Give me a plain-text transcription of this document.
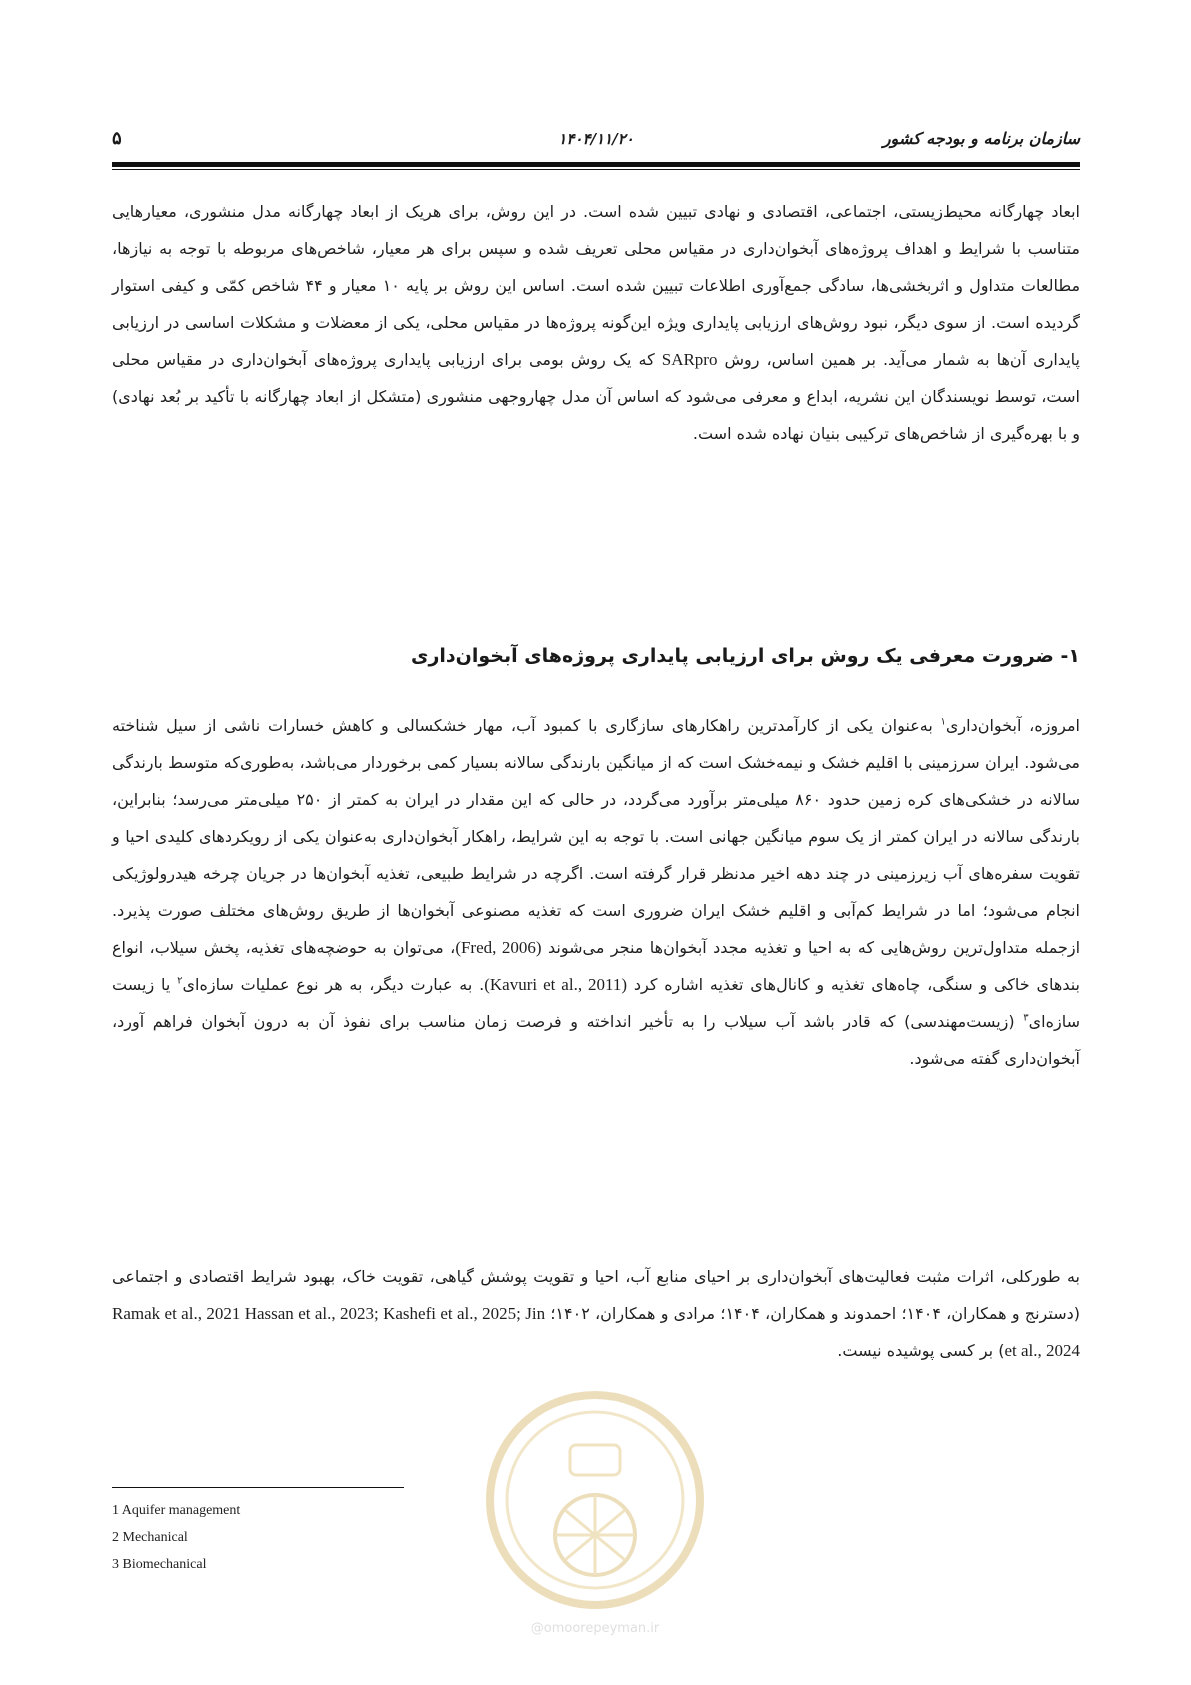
۵	۱۴۰۴/۱۱/۲۰	سازمان برنامه و بودجه کشور

ابعاد چهارگانه محیط‌زیستی، اجتماعی، اقتصادی و نهادی تبیین شده است. در این روش، برای هریک از ابعاد چهارگانه مدل منشوری، معیارهایی متناسب با شرایط و اهداف پروژه‌های آبخوان‌داری در مقیاس محلی تعریف شده و سپس برای هر معیار، شاخص‌های مربوطه با توجه به نیازها، مطالعات متداول و اثربخشی‌ها، سادگی جمع‌آوری اطلاعات تبیین شده است. اساس این روش بر پایه ۱۰ معیار و ۴۴ شاخص کمّی و کیفی استوار گردیده است. از سوی دیگر، نبود روش‌های ارزیابی پایداری ویژه این‌گونه پروژه‌ها در مقیاس محلی، یکی از معضلات و مشکلات اساسی در ارزیابی پایداری آن‌ها به شمار می‌آید. بر همین اساس، روش SARpro که یک روش بومی برای ارزیابی پایداری پروژه‌های آبخوان‌داری در مقیاس محلی است، توسط نویسندگان این نشریه، ابداع و معرفی می‌شود که اساس آن مدل چهاروجهی منشوری (متشکل از ابعاد چهارگانه با تأکید بر بُعد نهادی) و با بهره‌گیری از شاخص‌های ترکیبی بنیان نهاده شده است.

۱- ضرورت معرفی یک روش برای ارزیابی پایداری پروژه‌های آبخوان‌داری

امروزه، آبخوان‌داری$^۱$ به‌عنوان یکی از کارآمدترین راهکارهای سازگاری با کمبود آب، مهار خشکسالی و کاهش خسارات ناشی از سیل شناخته می‌شود. ایران سرزمینی با اقلیم خشک و نیمه‌خشک است که از میانگین بارندگی سالانه بسیار کمی برخوردار می‌باشد، به‌طوری‌که متوسط بارندگی سالانه در خشکی‌های کره زمین حدود ۸۶۰ میلی‌متر برآورد می‌گردد، در حالی که این مقدار در ایران به کمتر از ۲۵۰ میلی‌متر می‌رسد؛ بنابراین، بارندگی سالانه در ایران کمتر از یک سوم میانگین جهانی است. با توجه به این شرایط، راهکار آبخوان‌داری به‌عنوان یکی از رویکردهای کلیدی احیا و تقویت سفره‌های آب زیرزمینی در چند دهه اخیر مدنظر قرار گرفته است. اگرچه در شرایط طبیعی، تغذیه آبخوان‌ها در جریان چرخه هیدرولوژیکی انجام می‌شود؛ اما در شرایط کم‌آبی و اقلیم خشک ایران ضروری است که تغذیه مصنوعی آبخوان‌ها از طریق روش‌های مختلف صورت پذیرد. ازجمله متداول‌ترین روش‌هایی که به احیا و تغذیه مجدد آبخوان‌ها منجر می‌شوند (Fred, 2006)، می‌توان به حوضچه‌های تغذیه، پخش سیلاب، انواع بندهای خاکی و سنگی، چاه‌های تغذیه و کانال‌های تغذیه اشاره کرد (Kavuri et al., 2011). به عبارت دیگر، به هر نوع عملیات سازه‌ای$^۲$ یا زیست سازه‌ای$^۳$ (زیست‌مهندسی) که قادر باشد آب سیلاب را به تأخیر انداخته و فرصت زمان مناسب برای نفوذ آن به درون آبخوان فراهم آورد، آبخوان‌داری گفته می‌شود.

به طورکلی، اثرات مثبت فعالیت‌های آبخوان‌داری بر احیای منابع آب، احیا و تقویت پوشش گیاهی، تقویت خاک، بهبود شرایط اقتصادی و اجتماعی (دسترنج و همکاران، ۱۴۰۴؛ احمدوند و همکاران، ۱۴۰۴؛ مرادی و همکاران، ۱۴۰۲؛ Ramak et al., 2021 Hassan et al., 2023; Kashefi et al., 2025; Jin et al., 2024) بر کسی پوشیده نیست.

@omoorepeyman.ir
1 Aquifer management
2 Mechanical
3 Biomechanical
